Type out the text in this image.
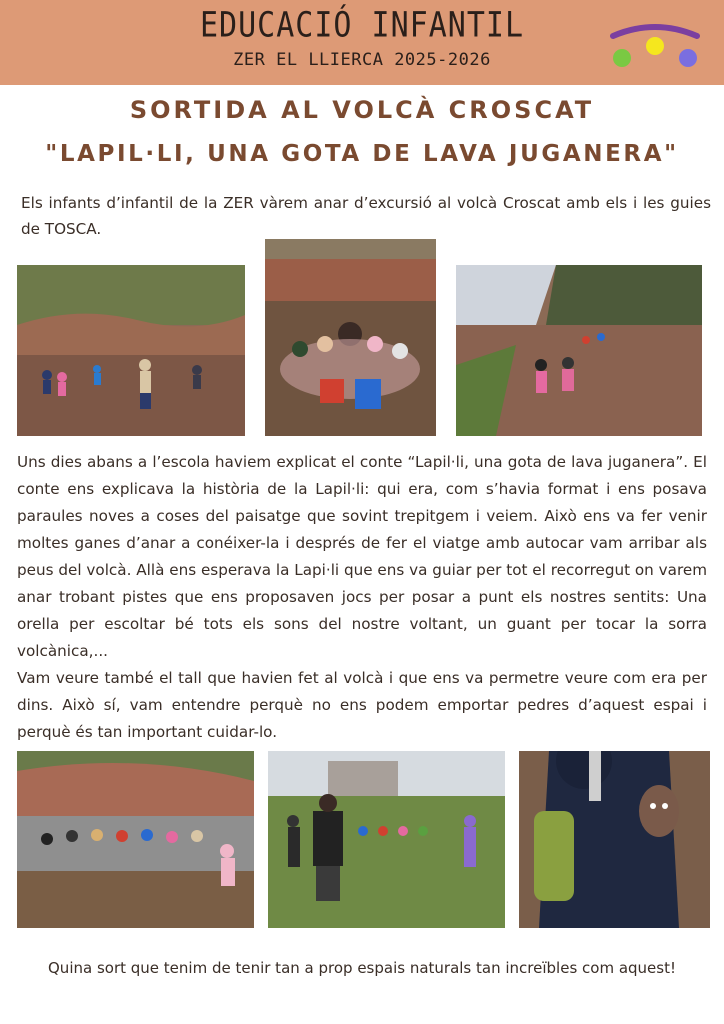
EDUCACIÓ INFANTIL
ZER EL LLIERCA 2025-2026
SORTIDA AL VOLCÀ CROSCAT
"LAPIL·LI, UNA GOTA DE LAVA JUGANERA"
Els infants d’infantil de la ZER vàrem anar d’excursió al volcà Croscat amb els i les guies de TOSCA.

Uns dies abans a l’escola haviem explicat el conte “Lapil·li, una gota de lava juganera”. El conte ens explicava la història de la Lapil·li: qui era, com s’havia format i ens posava paraules noves a coses del paisatge que sovint trepitgem i veiem. Això ens va fer venir moltes ganes d’anar a conéixer-la i després de fer el viatge amb autocar vam arribar als peus del volcà. Allà ens esperava la Lapi·li que ens va guiar per tot el recorregut on varem anar trobant pistes que ens proposaven jocs per posar a punt els nostres sentits: Una orella per escoltar bé tots els sons del nostre voltant, un guant per tocar la sorra volcànica,...

Vam veure també el tall que havien fet al volcà i que ens va permetre veure com era per dins. Això sí, vam entendre perquè no ens podem emportar pedres d’aquest espai i perquè és tan important cuidar-lo.

Quina sort que tenim de tenir tan a prop espais naturals tan increïbles com aquest!
